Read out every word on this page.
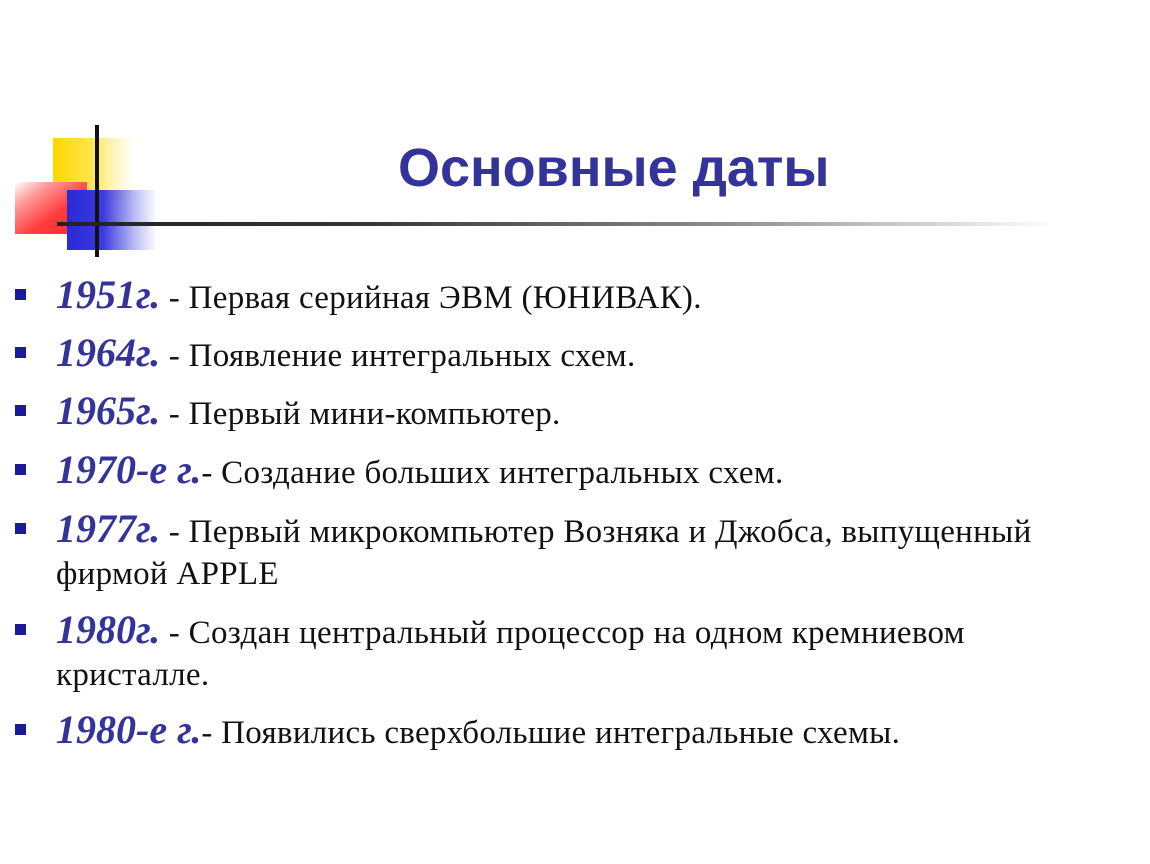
Основные даты
1951г. - Первая серийная ЭВМ (ЮНИВАК).
1964г. - Появление интегральных схем.
1965г. - Первый мини-компьютер.
1970-е г.- Создание больших интегральных схем.
1977г. - Первый микрокомпьютер Возняка и Джобса, выпущенный фирмой APPLE
1980г. - Создан центральный процессор на одном кремниевом кристалле.
1980-е г.- Появились сверхбольшие интегральные схемы.
